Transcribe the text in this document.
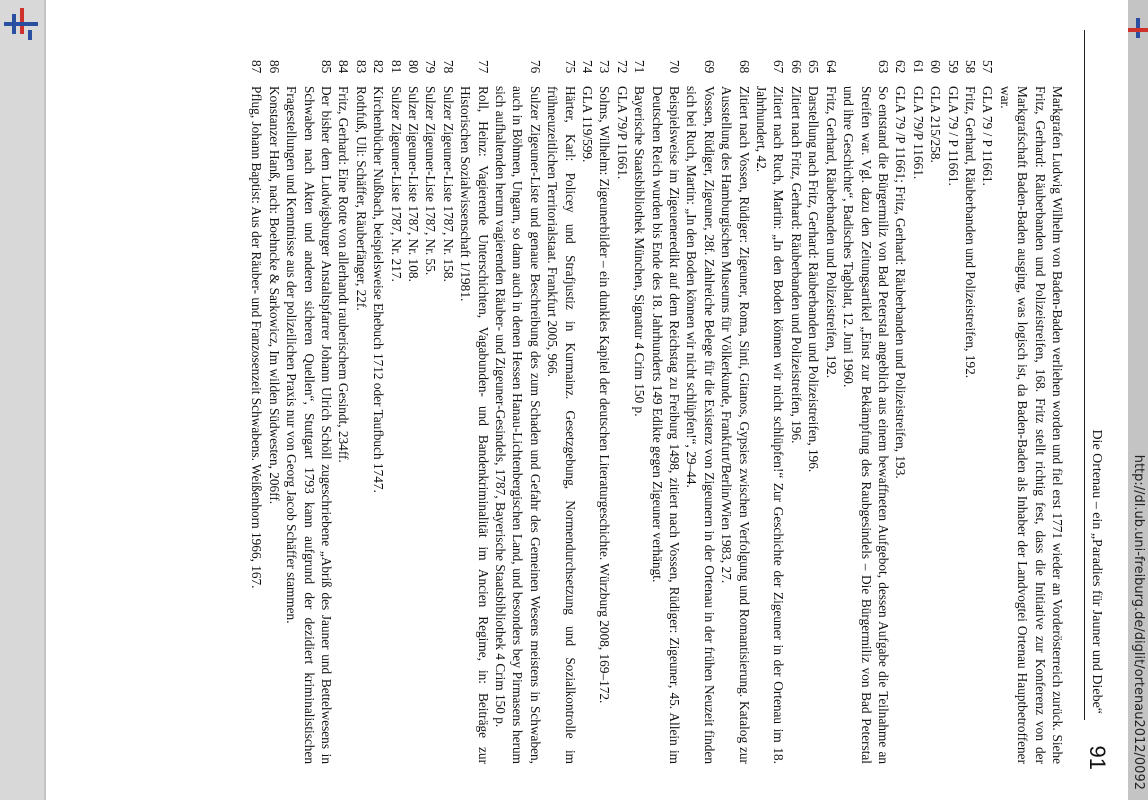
Die Ortenau – ein „Paradies für Jauner und Diebe“
91

Markgrafen Ludwig Wilhelm von Baden-Baden verliehen worden und fiel erst 1771 wieder an Vorderösterreich zurück. Siehe Fritz, Gerhard: Räuberbanden und Polizeistreifen, 168. Fritz stellt richtig fest, dass die Initiative zur Konferenz von der Markgrafschaft Baden-Baden ausging, was logisch ist, da Baden-Baden als Inhaber der Landvogtei Ortenau Hauptbetroffener war.

57
GLA 79 / P 11661.

58
Fritz, Gerhard, Räuberbanden und Polizeistreifen, 192.

59
GLA 79 / P 11661.

60
GLA 215/258.

61
GLA 79/P 11661.

62
GLA 79 /P 11661; Fritz, Gerhard: Räuberbanden und Polizeistreifen, 193.

63
So entstand die Bürgermiliz von Bad Peterstal angeblich aus einem bewaffneten Aufgebot, dessen Aufgabe die Teilnahme an Streifen war. Vgl. dazu den Zeitungsartikel „Einst zur Bekämpfung des Raubgesindels – Die Bürgermiliz von Bad Peterstal und ihre Geschichte“, Badisches Tagblatt, 12. Juni 1960.

64
Fritz, Gerhard, Räuberbanden und Polizeistreifen, 192.

65
Darstellung nach Fritz, Gerhard: Räuberbanden und Polizeistreifen, 196.

66
Zitiert nach Fritz, Gerhard: Räuberbanden und Polizeistreifen, 196.

67
Zitiert nach Ruch, Martin: „In den Boden können wir nicht schlüpfen!“ Zur Geschichte der Zigeuner in der Ortenau im 18. Jahrhundert, 42.

68
Zitiert nach Vossen, Rüdiger: Zigeuner, Roma, Sinti, Gitanos, Gypsies zwischen Verfolgung und Romantisierung. Katalog zur Ausstellung des Hamburgischen Museums für Völkerkunde, Frankfurt/Berlin/Wien 1983, 27.

69
Vossen, Rüdiger, Zigeuner, 28f. Zahlreiche Belege für die Existenz von Zigeunern in der Ortenau in der frühen Neuzeit finden sich bei Ruch, Martin: „In den Boden können wir nicht schlüpfen!“, 29–44.

70
Beispielsweise im Zigeueneredikt auf dem Reichstag zu Freiburg 1498, zitiert nach Vossen, Rüdiger: Zigeuner, 45. Allein im Deutschen Reich wurden bis Ende des 18. Jahrhunderts 149 Edikte gegen Zigeuner verhängt.

71
Bayerische Staatsbibliothek München, Signatur 4 Crim 150 p.

72
GLA 79/P 11661.

73
Solms, Wilhelm: Zigeunerbilder – ein dunkles Kapitel der deutschen Literaturgeschichte. Würzburg 2008, 169–172.

74
GLA 119/599.

75
Härter, Karl: Policey und Strafjustiz in Kurmainz. Gesetzgebung, Normendurchsetzung und Sozialkontrolle im frühneuzeitlichen Territorialstaat. Frankfurt 2005, 966.

76
Sulzer Zigeuner-Liste und genaue Beschreibung des zum Schaden und Gefahr des Gemeinen Wesens meistens in Schwaben, auch in Böhmen, Ungarn, so dann auch in denen Hessen Hanau-Lichtenbergischen Land, und besonders bey Pirmasens herum sich aufhaltenden herum vagierenden Räuber- und Zigeuner-Gesindels, 1787, Bayerische Staatsbibliothek 4 Crim 150 p.

77
Roll, Heinz: Vagierende Unterschichten, Vagabunden- und Bandenkriminalität im Ancien Regime, in: Beiträge zur Historischen Sozialwissenschaft 1/1981.

78
Sulzer Zigeuner-Liste 1787, Nr. 158.

79
Sulzer Zigeuner-Liste 1787, Nr. 55.

80
Sulzer Zigeuner-Liste 1787, Nr. 108.

81
Sulzer Zigeuner-Liste 1787, Nr. 217.

82
Kirchenbücher Nußbach, beispielsweise Ehebuch 1712 oder Taufbuch 1747.

83
Rothfuß, Uli: Schäffer, Räuberfänger, 22f.

84
Fritz, Gerhard: Eine Rotte von allerhandt rauberischem Gesindt, 234ff.

85
Der bisher dem Ludwigsburger Anstaltspfarrer Johann Ulrich Schöll zugeschriebene „Abriß des Jauner und Bettelwesens in Schwaben nach Akten und anderen sicheren Quellen“, Stuttgart 1793 kann aufgrund der dezidiert kriminalistischen Fragestellungen und Kenntnisse aus der polizeilichen Praxis nur von Georg Jacob Schäffer stammen.

86
Konstanzer Hanß, nach: Boehncke & Sarkowicz, Im wilden Südwesten, 206ff.

87
Pflug, Johann Baptist: Aus der Räuber- und Franzosenzeit Schwabens. Weißenhorn 1966, 167.

http://dl.ub.uni-freiburg.de/diglit/ortenau2012/0092
